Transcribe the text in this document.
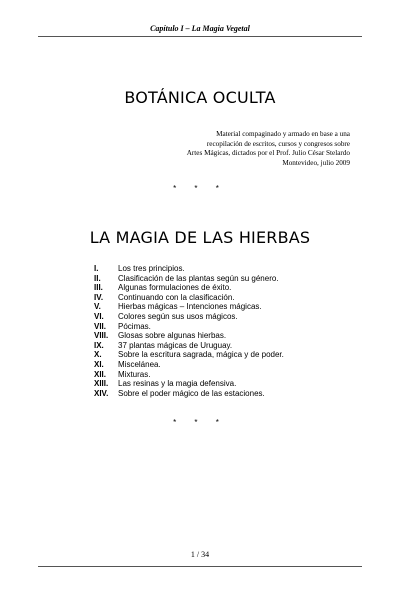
Capítulo I – La Magia Vegetal
BOTÁNICA OCULTA
Material compaginado y armado en base a una
recopilación de escritos, cursos y congresos sobre
Artes Mágicas, dictados por el Prof. Julio César Stelardo
Montevideo, julio 2009
* * *
LA MAGIA DE LAS HIERBAS
I.	Los tres principios.
II.	Clasificación de las plantas según su género.
III.	Algunas formulaciones de éxito.
IV.	Continuando con la clasificación.
V.	Hierbas mágicas – Intenciones mágicas.
VI.	Colores según sus usos mágicos.
VII.	Pócimas.
VIII.	Glosas sobre algunas hierbas.
IX.	37 plantas mágicas de Uruguay.
X.	Sobre la escritura sagrada, mágica y de poder.
XI.	Miscelánea.
XII.	Mixturas.
XIII.	Las resinas y la magia defensiva.
XIV.	Sobre el poder mágico de las estaciones.
* * *
1 / 34
